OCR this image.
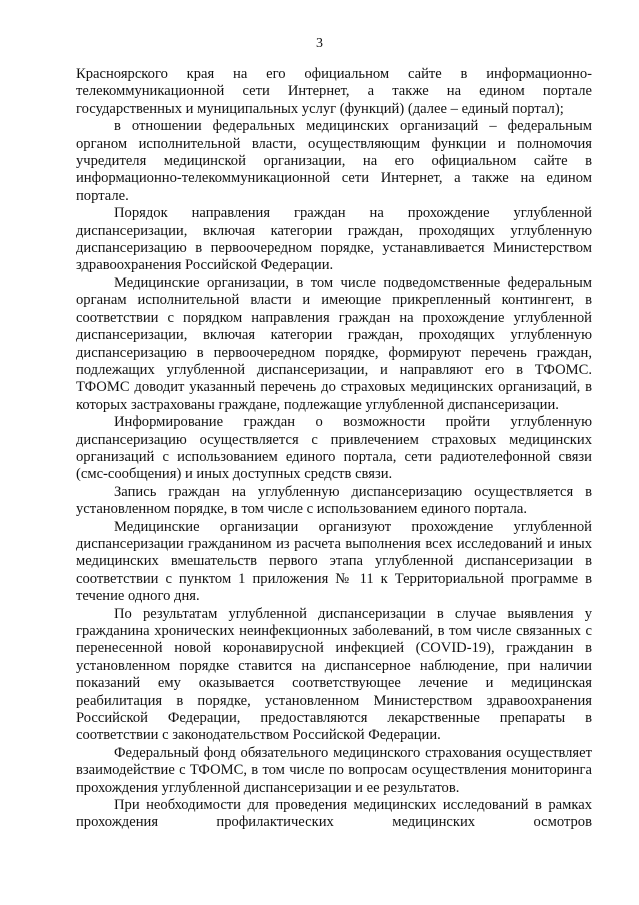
3

Красноярского края на его официальном сайте в информационно-телекоммуникационной сети Интернет, а также на едином портале государственных и муниципальных услуг (функций) (далее – единый портал);

в отношении федеральных медицинских организаций – федеральным органом исполнительной власти, осуществляющим функции и полномочия учредителя медицинской организации, на его официальном сайте в информационно-телекоммуникационной сети Интернет, а также на едином портале.

Порядок направления граждан на прохождение углубленной диспансеризации, включая категории граждан, проходящих углубленную диспансеризацию в первоочередном порядке, устанавливается Министерством здравоохранения Российской Федерации.

Медицинские организации, в том числе подведомственные федеральным органам исполнительной власти и имеющие прикрепленный контингент, в соответствии с порядком направления граждан на прохождение углубленной диспансеризации, включая категории граждан, проходящих углубленную диспансеризацию в первоочередном порядке, формируют перечень граждан, подлежащих углубленной диспансеризации, и направляют его в ТФОМС. ТФОМС доводит указанный перечень до страховых медицинских организаций, в которых застрахованы граждане, подлежащие углубленной диспансеризации.

Информирование граждан о возможности пройти углубленную диспансеризацию осуществляется с привлечением страховых медицинских организаций с использованием единого портала, сети радиотелефонной связи (смс-сообщения) и иных доступных средств связи.

Запись граждан на углубленную диспансеризацию осуществляется в установленном порядке, в том числе с использованием единого портала.

Медицинские организации организуют прохождение углубленной диспансеризации гражданином из расчета выполнения всех исследований и иных медицинских вмешательств первого этапа углубленной диспансеризации в соответствии с пунктом 1 приложения № 11 к Территориальной программе в течение одного дня.

По результатам углубленной диспансеризации в случае выявления у гражданина хронических неинфекционных заболеваний, в том числе связанных с перенесенной новой коронавирусной инфекцией (COVID-19), гражданин в установленном порядке ставится на диспансерное наблюдение, при наличии показаний ему оказывается соответствующее лечение и медицинская реабилитация в порядке, установленном Министерством здравоохранения Российской Федерации, предоставляются лекарственные препараты в соответствии с законодательством Российской Федерации.

Федеральный фонд обязательного медицинского страхования осуществляет взаимодействие с ТФОМС, в том числе по вопросам осуществления мониторинга прохождения углубленной диспансеризации и ее результатов.

При необходимости для проведения медицинских исследований в рамках прохождения профилактических медицинских осмотров
